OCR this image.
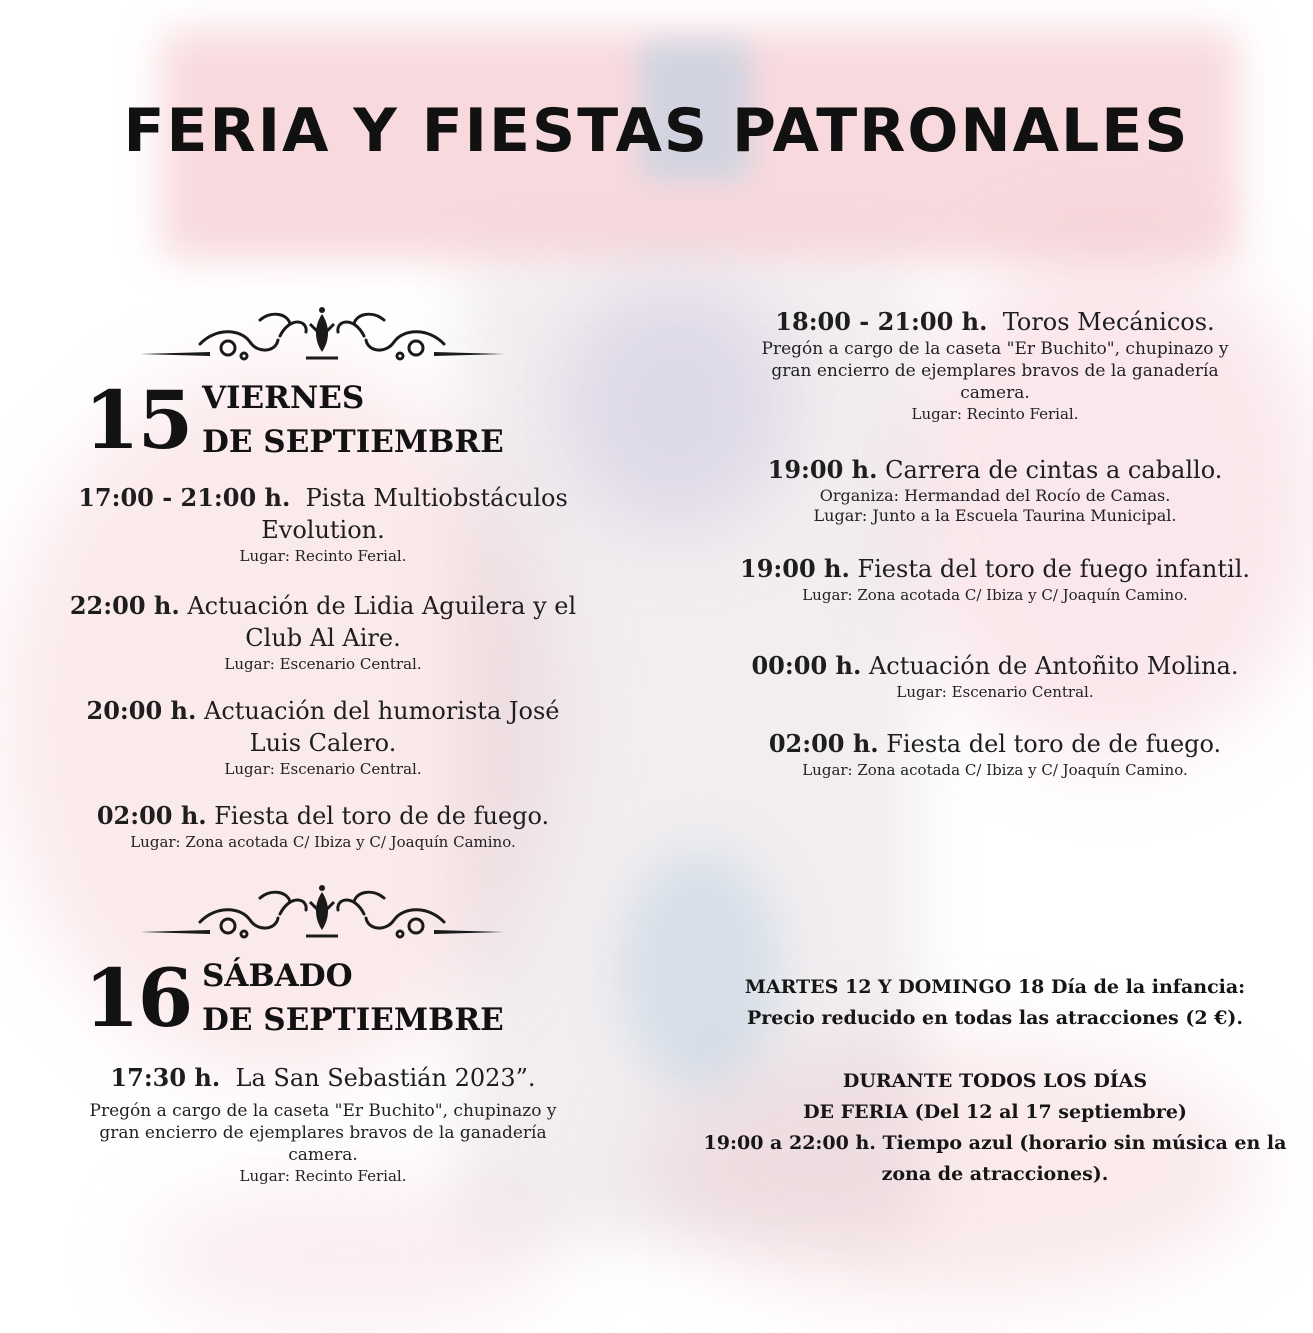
FERIA Y FIESTAS PATRONALES
15 VIERNES
DE SEPTIEMBRE
17:00 - 21:00 h. Pista Multiobstáculos
Evolution.
Lugar: Recinto Ferial.
22:00 h. Actuación de Lidia Aguilera y el
Club Al Aire.
Lugar: Escenario Central.
20:00 h. Actuación del humorista José
Luis Calero.
Lugar: Escenario Central.
02:00 h. Fiesta del toro de de fuego.
Lugar: Zona acotada C/ Ibiza y C/ Joaquín Camino.
16 SÁBADO
DE SEPTIEMBRE
17:30 h. La San Sebastián 2023”.
Pregón a cargo de la caseta "Er Buchito", chupinazo y
gran encierro de ejemplares bravos de la ganadería
camera.
Lugar: Recinto Ferial.
18:00 - 21:00 h. Toros Mecánicos.
Pregón a cargo de la caseta "Er Buchito", chupinazo y
gran encierro de ejemplares bravos de la ganadería
camera.
Lugar: Recinto Ferial.
19:00 h. Carrera de cintas a caballo.
Organiza: Hermandad del Rocío de Camas.
Lugar: Junto a la Escuela Taurina Municipal.
19:00 h. Fiesta del toro de fuego infantil.
Lugar: Zona acotada C/ Ibiza y C/ Joaquín Camino.
00:00 h. Actuación de Antoñito Molina.
Lugar: Escenario Central.
02:00 h. Fiesta del toro de de fuego.
Lugar: Zona acotada C/ Ibiza y C/ Joaquín Camino.
MARTES 12 Y DOMINGO 18 Día de la infancia:
Precio reducido en todas las atracciones (2 €).
DURANTE TODOS LOS DÍAS
DE FERIA (Del 12 al 17 septiembre)
19:00 a 22:00 h. Tiempo azul (horario sin música en la
zona de atracciones).
